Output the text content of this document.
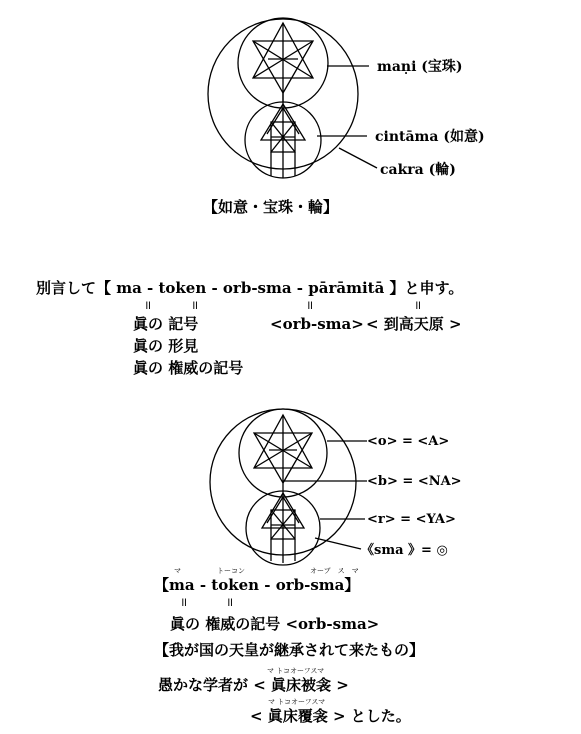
maṇi (宝珠)
cintāma (如意)
cakra (輪)
【如意・宝珠・輪】
別言して【 ma - token - orb-sma - pārāmitā 】と申す。
॥	॥	॥	॥
眞の 記号	<orb-sma> < 到高天原 >
眞の 形見
眞の 権威の記号
<o> = <A>
<b> = <NA>
<r> = <YA>
《sma 》= ◎
マ	トーコン	オーブ　ス　マ
【ma - token - orb-sma】
॥	॥
眞の 権威の記号 <orb-sma>
【我が国の天皇が継承されて来たもの】
マ トコオーフスマ
愚かな学者が < 眞床被衾 >
マ トコオーフスマ
< 眞床覆衾 > とした。
